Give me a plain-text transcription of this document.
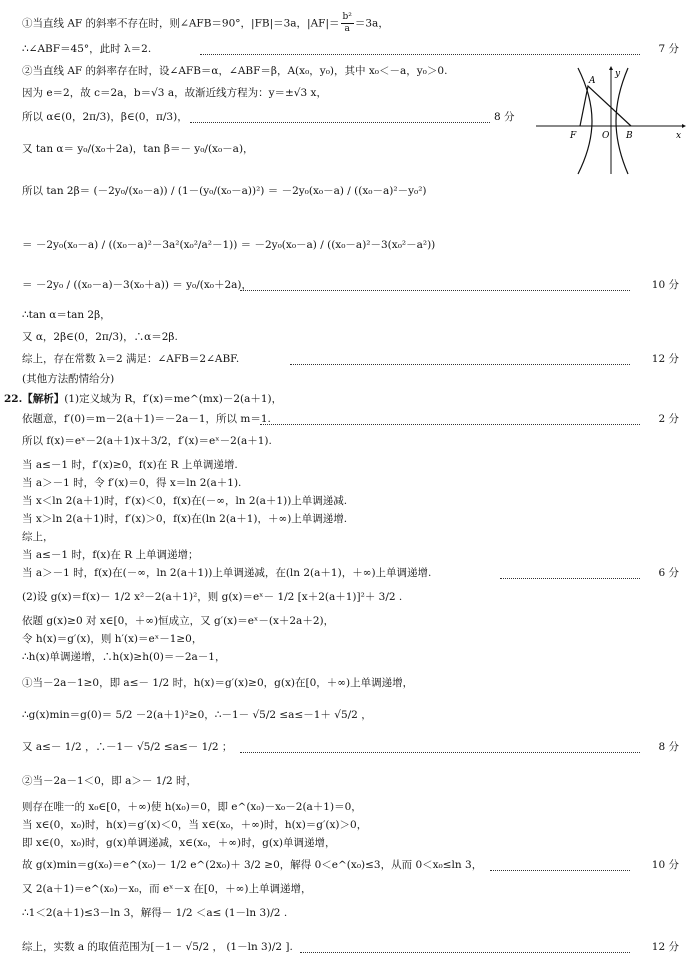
①当直线 AF 的斜率不存在时，则∠AFB＝90°，|FB|＝3a，$|AF|= \frac{\text{b²}}{a} =3a$，
∴∠ABF＝45°，此时 λ＝2.	7 分
②当直线 AF 的斜率存在时，设∠AFB＝α，∠ABF＝β，A(x₀，y₀)，其中 x₀＜－a，y₀＞0.
因为 e＝2，故 c＝2a，b＝√3 a，故渐近线方程为：y＝±√3 x，
所以 α∈(0，2π/3)，β∈(0，π/3)，	8 分
A
y
F	O B	x
又 tan α＝ y₀/(x₀＋2a)，tan β＝－ y₀/(x₀－a)，
所以 tan 2β＝ (－2y₀/(x₀－a)) / (1－(y₀/(x₀－a))²) ＝ －2y₀(x₀－a) / ((x₀－a)²－y₀²)
＝ －2y₀(x₀－a) / ((x₀－a)²－3a²(x₀²/a²－1)) ＝ －2y₀(x₀－a) / ((x₀－a)²－3(x₀²－a²))
＝ －2y₀ / ((x₀－a)－3(x₀＋a)) ＝ y₀/(x₀＋2a)，	10 分
∴tan α＝tan 2β，
又 α，2β∈(0，2π/3)，∴α＝2β.
综上，存在常数 λ＝2 满足：∠AFB＝2∠ABF.	12 分
(其他方法酌情给分)
22.【解析】(1)定义域为 R，f′(x)＝me^(mx)－2(a＋1)，
依题意，f′(0)＝m－2(a＋1)＝－2a－1，所以 m＝1.	2 分
所以 f(x)＝eˣ－2(a＋1)x＋3/2，f′(x)＝eˣ－2(a＋1).
当 a≤－1 时，f′(x)≥0，f(x)在 R 上单调递增.
当 a＞－1 时，令 f′(x)＝0，得 x＝ln 2(a＋1).
当 x＜ln 2(a＋1)时，f′(x)＜0，f(x)在(－∞，ln 2(a＋1))上单调递减.
当 x＞ln 2(a＋1)时，f′(x)＞0，f(x)在(ln 2(a＋1)，＋∞)上单调递增.
综上，
当 a≤－1 时，f(x)在 R 上单调递增；
当 a＞－1 时，f(x)在(－∞，ln 2(a＋1))上单调递减，在(ln 2(a＋1)，＋∞)上单调递增.	6 分
(2)设 g(x)＝f(x)－ 1/2 x²－2(a＋1)²，则 g(x)＝eˣ－ 1/2 [x＋2(a＋1)]²＋ 3/2 .
依题 g(x)≥0 对 x∈[0，＋∞)恒成立，又 g′(x)＝eˣ－(x＋2a＋2)，
令 h(x)＝g′(x)，则 h′(x)＝eˣ－1≥0，
∴h(x)单调递增，∴h(x)≥h(0)＝－2a－1，
①当－2a－1≥0，即 a≤－ 1/2 时，h(x)＝g′(x)≥0，g(x)在[0，＋∞)上单调递增，
∴g(x)min＝g(0)＝ 5/2 －2(a＋1)²≥0，∴－1－ √5/2 ≤a≤－1＋ √5/2 ，
又 a≤－ 1/2 ，∴－1－ √5/2 ≤a≤－ 1/2 ；	8 分
②当－2a－1＜0，即 a＞－ 1/2 时，
则存在唯一的 x₀∈[0，＋∞)使 h(x₀)＝0，即 e^(x₀)－x₀－2(a＋1)＝0，
当 x∈(0，x₀)时，h(x)＝g′(x)＜0，当 x∈(x₀，＋∞)时，h(x)＝g′(x)＞0，
即 x∈(0，x₀)时，g(x)单调递减，x∈(x₀，＋∞)时，g(x)单调递增，
故 g(x)min＝g(x₀)＝e^(x₀)－ 1/2 e^(2x₀)＋ 3/2 ≥0，解得 0＜e^(x₀)≤3，从而 0＜x₀≤ln 3，	10 分
又 2(a＋1)＝e^(x₀)－x₀，而 eˣ－x 在[0，＋∞)上单调递增，
∴1＜2(a＋1)≤3－ln 3，解得－ 1/2 ＜a≤ (1－ln 3)/2 .
综上，实数 a 的取值范围为[－1－ √5/2 ， (1－ln 3)/2 ].	12 分
